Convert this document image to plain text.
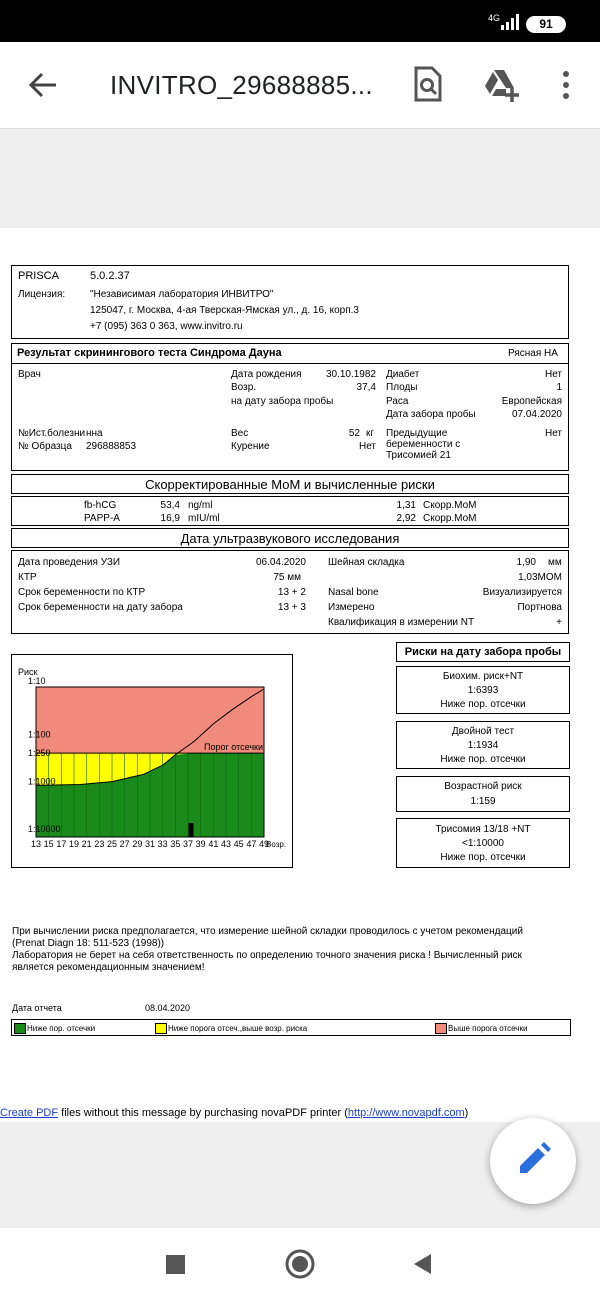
14:35	4G	91
INVITRO_29688885...
PRISCA	5.0.2.37
Лицензия: "Независимая лаборатория ИНВИТРО"
125047, г. Москва, 4-ая Тверская-Ямская ул., д. 16, корп.3
+7 (095) 363 0 363, www.invitro.ru
Результат скринингового теста Синдрома Дауна	Рясная НА
Врач	Дата рождения	30.10.1982
Возр.	37,4
на дату забора пробы
Диабет	Нет
Плоды	1
Раса	Европейская
Дата забора пробы	07.04.2020
№Ист.болезни нна
№ Образца 296888853
Вес	52 кг
Курение	Нет
Предыдущие
беременности с
Трисомией 21
Нет
Скорректированные МоМ и вычисленные риски
fb-hCG	53,4 ng/ml	1,31 Скорр.МоМ
PAPP-A	16,9 mIU/ml	2,92 Скорр.МоМ
Дата ультразвукового исследования
Дата проведения УЗИ	06.04.2020
КТР	75 мм
Срок беременности по КТР	13 + 2
Срок беременности на дату забора	13 + 3
Шейная складка	1,90 мм
1,03МОМ
Nasal bone	Визуализируется
Измерено	Портнова
Квалификация в измерении NT	+
Риск
1:10
1:100
1:250
1:1000
1:10000
13 15 17 19 21 23 25 27 29 31 33 35 37 39 41 43 45 47 49
Возр.
Порог отсечки
Риски на дату забора пробы
Биохим. риск+NT
1:6393
Ниже пор. отсечки
Двойной тест
1:1934
Ниже пор. отсечки
Возрастной риск
1:159
Трисомия 13/18 +NT
<1:10000
Ниже пор. отсечки
При вычислении риска предполагается, что измерение шейной складки проводилось с учетом рекомендаций
(Prenat Diagn 18: 511-523 (1998))
Лаборатория не берет на себя ответственность по определению точного значения риска ! Вычисленный риск
является рекомендационным значением!
Дата отчета	08.04.2020
Ниже пор. отсечки	Ниже порога отсеч.,выше возр. риска	Выше порога отсечки
Create PDF files without this message by purchasing novaPDF printer (http://www.novapdf.com)
